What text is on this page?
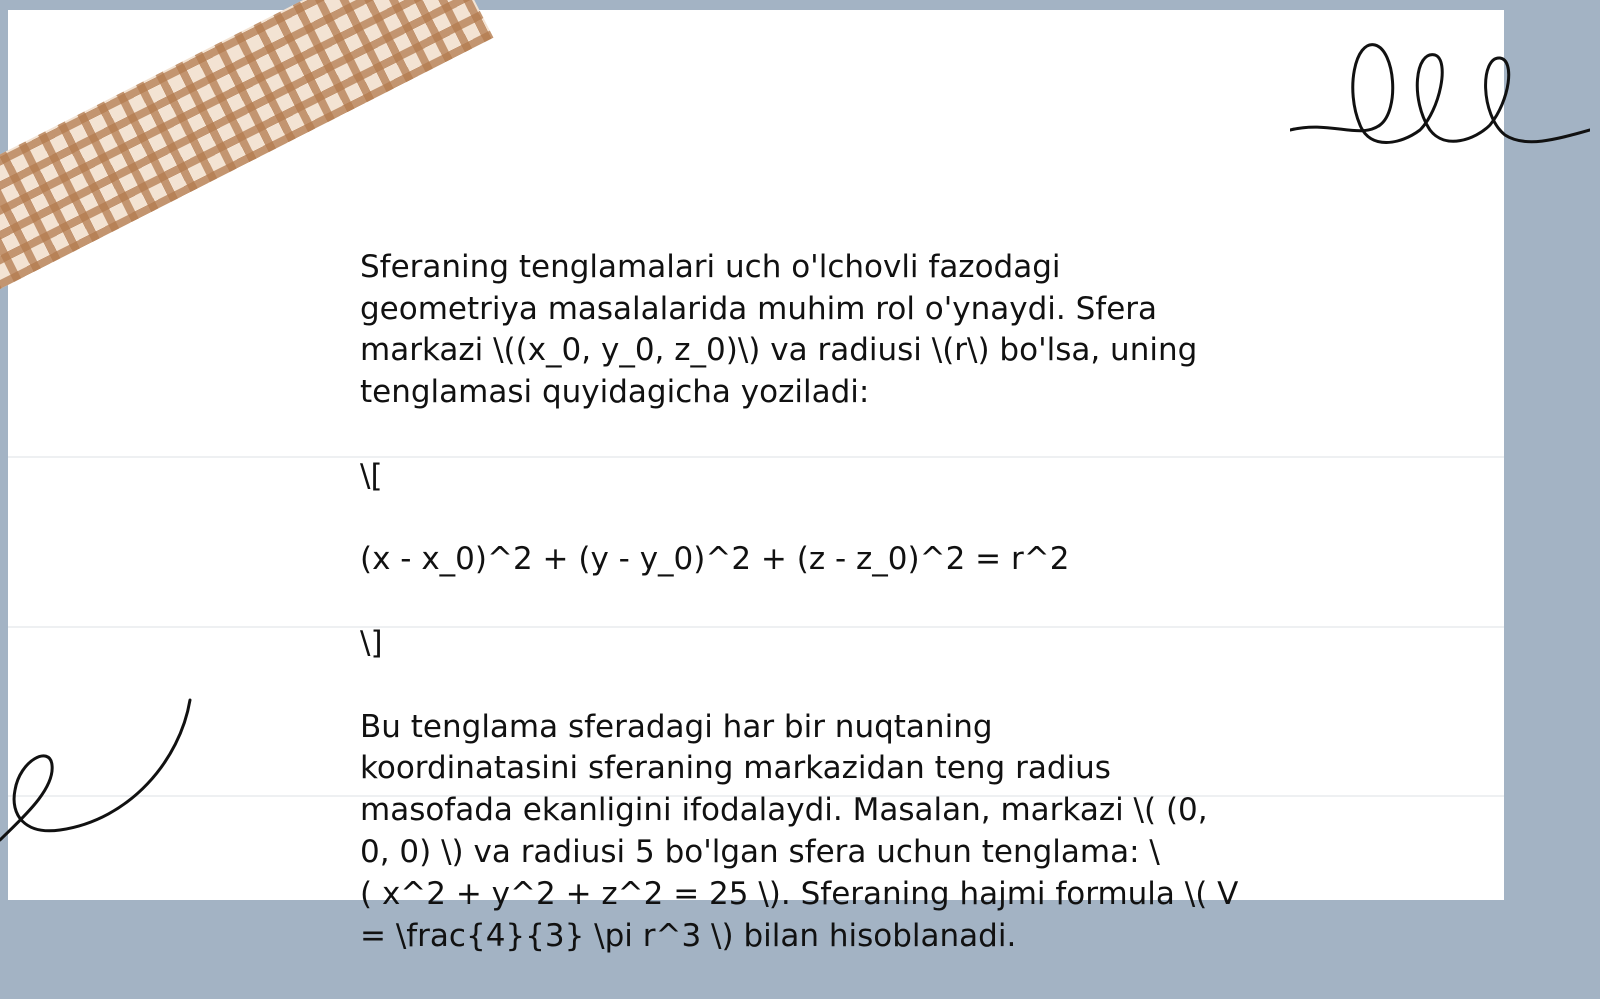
Sferaning tenglamalari uch o'lchovli fazodagi
geometriya masalalarida muhim rol o'ynaydi. Sfera
markazi \((x_0, y_0, z_0)\) va radiusi \(r\) bo'lsa, uning
tenglamasi quyidagicha yoziladi:

\[

(x - x_0)^2 + (y - y_0)^2 + (z - z_0)^2 = r^2

\]

Bu tenglama sferadagi har bir nuqtaning
koordinatasini sferaning markazidan teng radius
masofada ekanligini ifodalaydi. Masalan, markazi \( (0,
0, 0) \) va radiusi 5 bo'lgan sfera uchun tenglama: \
( x^2 + y^2 + z^2 = 25 \). Sferaning hajmi formula \( V
= \frac{4}{3} \pi r^3 \) bilan hisoblanadi.
